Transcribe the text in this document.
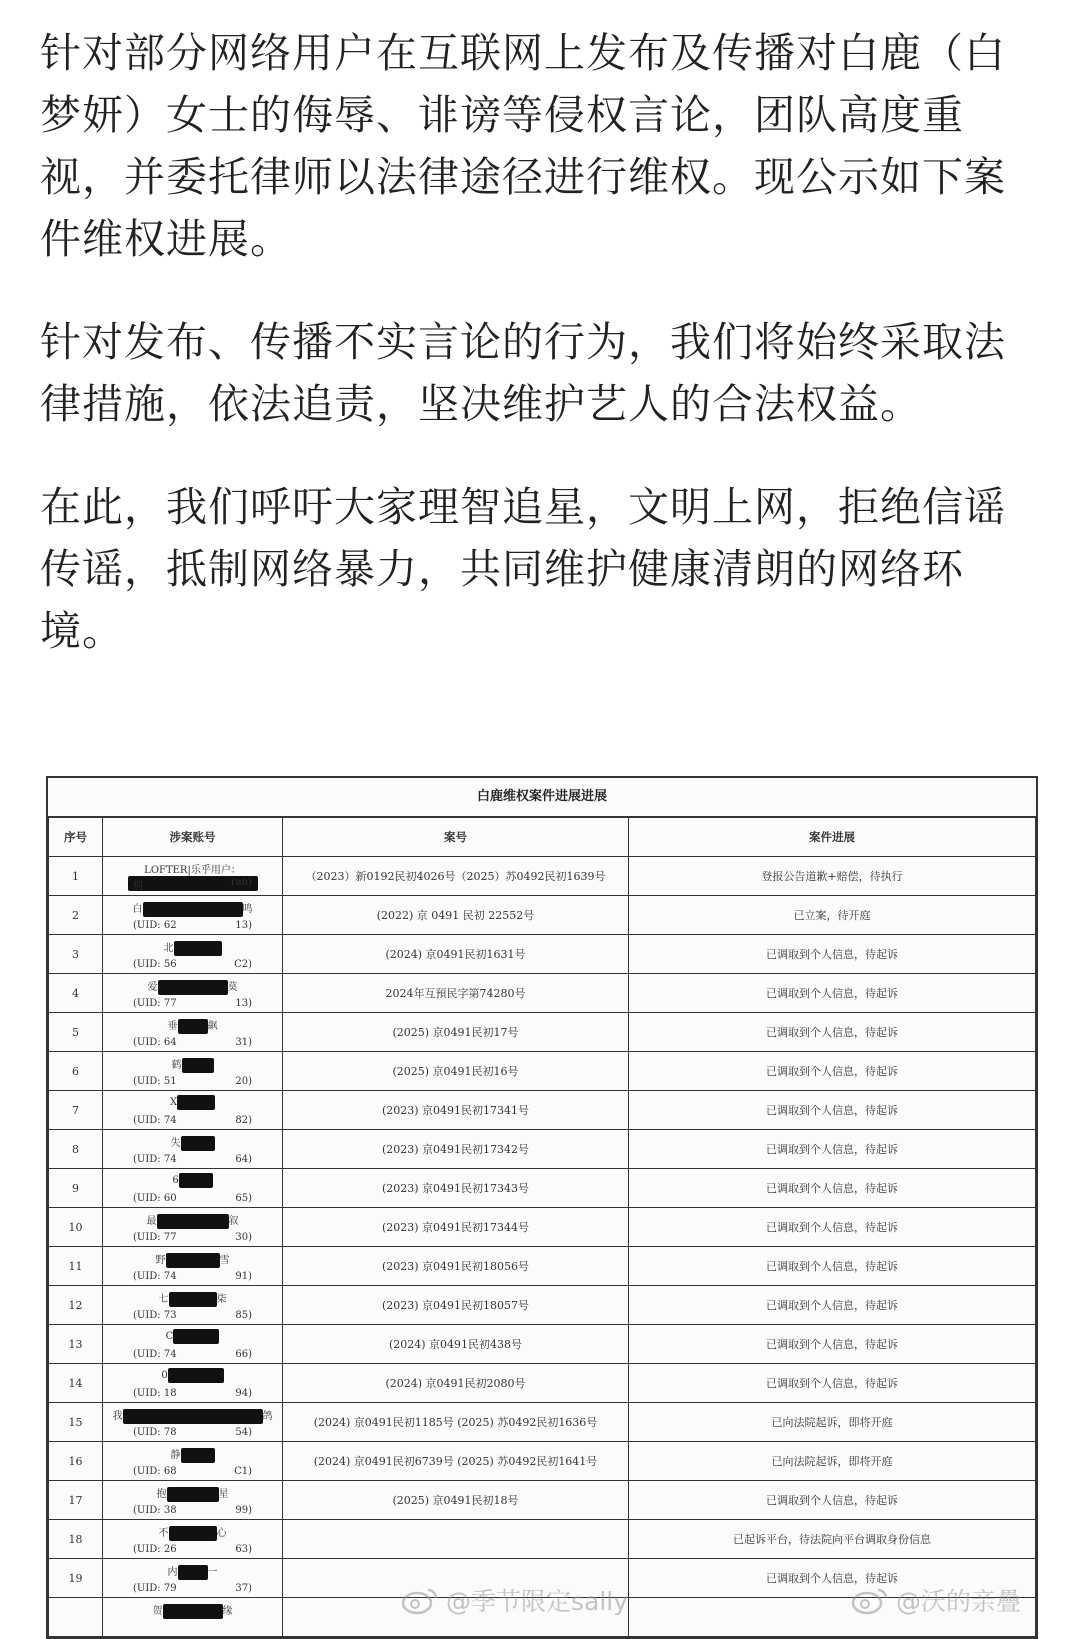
针对部分网络用户在互联网上发布及传播对白鹿（白梦妍）女士的侮辱、诽谤等侵权言论，团队高度重视，并委托律师以法律途径进行维权。现公示如下案件维权进展。

针对发布、传播不实言论的行为，我们将始终采取法律措施，依法追责，坚决维护艺人的合法权益。

在此，我们呼吁大家理智追星，文明上网，拒绝信谣传谣，抵制网络暴力，共同维护健康清朗的网络环境。

白鹿维权案件进展进展
序号	涉案账号	案号	案件进展
1	LOFTER|乐乎用户：
别 ran)	（2023）新0192民初4026号（2025）苏0492民初1639号	登报公告道歉+赔偿，待执行
2	白 鸣
(UID: 62 13)	(2022) 京 0491 民初 22552号	已立案，待开庭
3	北
(UID: 56 C2)	(2024) 京0491民初1631号	已调取到个人信息，待起诉
4	爱 莫
(UID: 77 13)	2024年互預民字第74280号	已调取到个人信息，待起诉
5	垂 飙
(UID: 64 31)	(2025) 京0491民初17号	已调取到个人信息，待起诉
6	鹤
(UID: 51 20)	(2025) 京0491民初16号	已调取到个人信息，待起诉
7	X
(UID: 74 82)	(2023) 京0491民初17341号	已调取到个人信息，待起诉
8	失
(UID: 74 64)	(2023) 京0491民初17342号	已调取到个人信息，待起诉
9	6
(UID: 60 65)	(2023) 京0491民初17343号	已调取到个人信息，待起诉
10	最 叙
(UID: 77 30)	(2023) 京0491民初17344号	已调取到个人信息，待起诉
11	野 雪
(UID: 74 91)	(2023) 京0491民初18056号	已调取到个人信息，待起诉
12	七 柒
(UID: 73 85)	(2023) 京0491民初18057号	已调取到个人信息，待起诉
13	C
(UID: 74 66)	(2024) 京0491民初438号	已调取到个人信息，待起诉
14	0
(UID: 18 94)	(2024) 京0491民初2080号	已调取到个人信息，待起诉
15	我 鸽
(UID: 78 54)	(2024) 京0491民初1185号 (2025) 苏0492民初1636号	已向法院起诉，即将开庭
16	静
(UID: 68 C1)	(2024) 京0491民初6739号 (2025) 苏0492民初1641号	已向法院起诉，即将开庭
17	抱 星
(UID: 38 99)	(2025) 京0491民初18号	已调取到个人信息，待起诉
18	不 心
(UID: 26 63)		已起诉平台，待法院向平台调取身份信息
19	内 一
(UID: 79 37)		已调取到个人信息，待起诉

	贺 缘		
			@季节限定sally	@沃的亲疊
